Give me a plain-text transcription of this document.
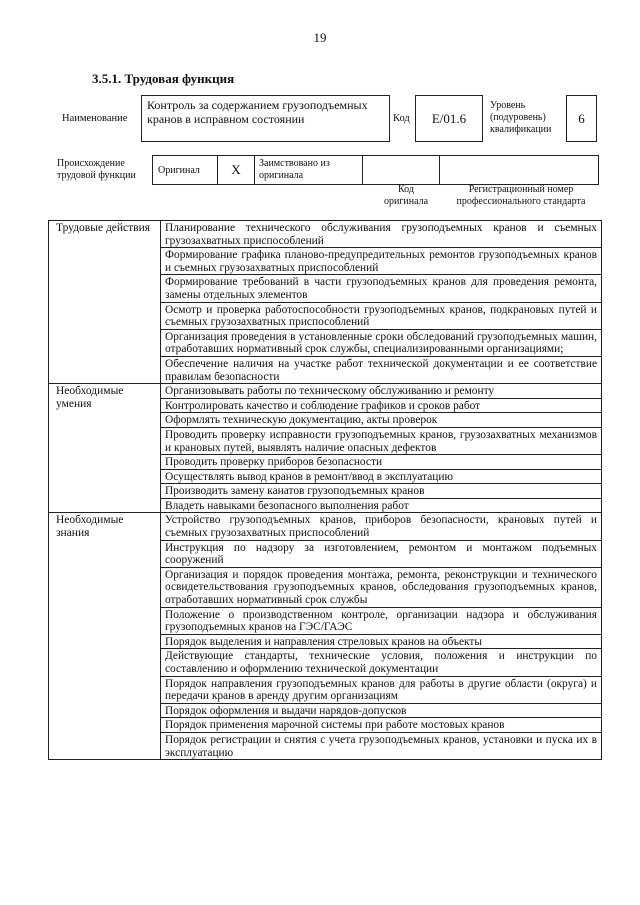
19
3.5.1. Трудовая функция
Наименование
Контроль за содержанием грузоподъемных кранов в исправном состоянии	Код	E/01.6
Уровень (подуровень) квалификации
6
Происхождение трудовой функции	Оригинал	X	Заимствовано из оригинала
Код оригинала
Регистрационный номер профессионального стандарта
Трудовые действия	Планирование технического обслуживания грузоподъемных кранов и съемных грузозахватных приспособлений
	Формирование графика планово-предупредительных ремонтов грузоподъемных кранов и съемных грузозахватных приспособлений
	Формирование требований в части грузоподъемных кранов для проведения ремонта, замены отдельных элементов
	Осмотр и проверка работоспособности грузоподъемных кранов, подкрановых путей и съемных грузозахватных приспособлений
	Организация проведения в установленные сроки обследований грузоподъемных машин, отработавших нормативный срок службы, специализированными организациями;
	Обеспечение наличия на участке работ технической документации и ее соответствие правилам безопасности
Необходимые умения	Организовывать работы по техническому обслуживанию и ремонту
	Контролировать качество и соблюдение графиков и сроков работ
	Оформлять техническую документацию, акты проверок
	Проводить проверку исправности грузоподъемных кранов, грузозахватных механизмов и крановых путей, выявлять наличие опасных дефектов
	Проводить проверку приборов безопасности
	Осуществлять вывод кранов в ремонт/ввод в эксплуатацию
	Производить замену канатов грузоподъемных кранов
	Владеть навыками безопасного выполнения работ
Необходимые знания	Устройство грузоподъемных кранов, приборов безопасности, крановых путей и съемных грузозахватных приспособлений
	Инструкция по надзору за изготовлением, ремонтом и монтажом подъемных сооружений
	Организация и порядок проведения монтажа, ремонта, реконструкции и технического освидетельствования грузоподъемных кранов, обследования грузоподъемных кранов, отработавших нормативный срок службы
	Положение о производственном контроле, организации надзора и обслуживания грузоподъемных кранов на ГЭС/ГАЭС
	Порядок выделения и направления стреловых кранов на объекты
	Действующие стандарты, технические условия, положения и инструкции по составлению и оформлению технической документации
	Порядок направления грузоподъемных кранов для работы в другие области (округа) и передачи кранов в аренду другим организациям
	Порядок оформления и выдачи нарядов-допусков
	Порядок применения марочной системы при работе мостовых кранов
	Порядок регистрации и снятия с учета грузоподъемных кранов, установки и пуска их в эксплуатацию
